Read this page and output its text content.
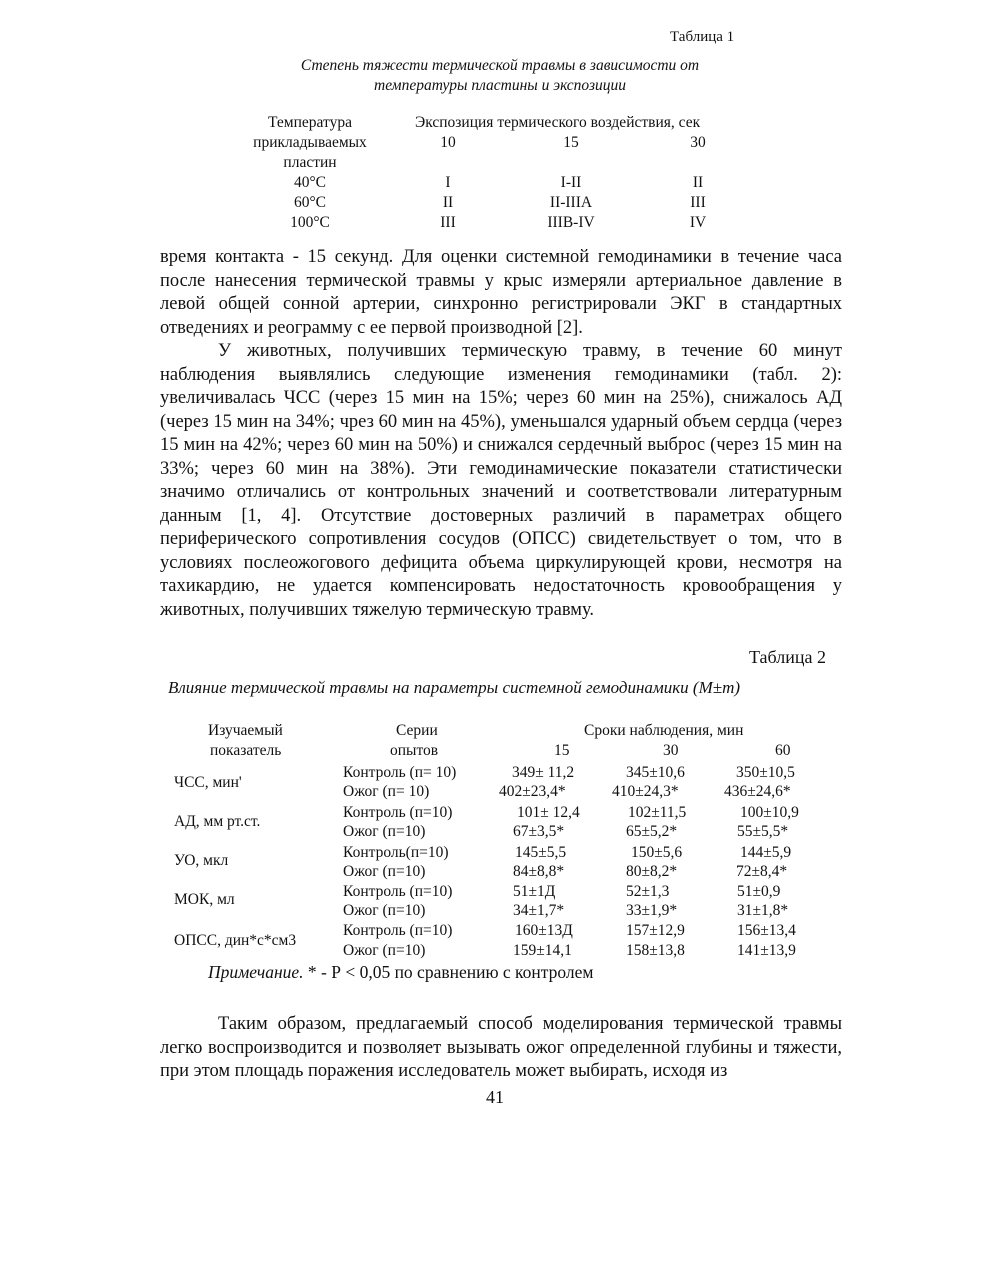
Таблица 1
Степень тяжести термической травмы в зависимости от
температуры пластины и экспозиции
Температура
прикладываемых
пластин
Экспозиция термического воздействия, сек
10	15	30
40°С	I	I-II	II
60°С	II	II-IIIA	III
100°С	III	IIIB-IV	IV

время контакта - 15 секунд. Для оценки системной гемодинамики в течение часа после нанесения термической травмы у крыс измеряли артериальное давление в левой общей сонной артерии, синхронно регистрировали ЭКГ в стандартных отведениях и реограмму с ее первой производной [2].

У животных, получивших термическую травму, в течение 60 минут наблюдения выявлялись следующие изменения гемодинамики (табл. 2): увеличивалась ЧСС (через 15 мин на 15%; через 60 мин на 25%), снижалось АД (через 15 мин на 34%; чрез 60 мин на 45%), уменьшался ударный объем сердца (через 15 мин на 42%; через 60 мин на 50%) и снижался сердечный выброс (через 15 мин на 33%; через 60 мин на 38%). Эти гемодинамические показатели статистически значимо отличались от контрольных значений и соответствовали литературным данным [1, 4]. Отсутствие достоверных различий в параметрах общего периферического сопротивления сосудов (ОПСС) свидетельствует о том, что в условиях послеожогового дефицита объема циркулирующей крови, несмотря на тахикардию, не удается компенсировать недостаточность кровообращения у животных, получивших тяжелую термическую травму.

Таблица 2
Влияние термической травмы на параметры системной гемодинамики (М±m)
Изучаемый
показатель
Серии
опытов
Сроки наблюдения, мин
15	30	60
ЧСС, мин'
Контроль (п= 10)	349± 11,2	345±10,6	350±10,5
Ожог (п= 10)	402±23,4*	410±24,3*	436±24,6*
АД, мм рт.ст.
Контроль (п=10)	101± 12,4	102±11,5	100±10,9
Ожог (п=10)	67±3,5*	65±5,2*	55±5,5*
УО, мкл	Контроль(п=10)	145±5,5	150±5,6	144±5,9
Ожог (п=10)	84±8,8*	80±8,2*	72±8,4*
МОК, мл	Контроль (п=10)	51±1Д	52±1,3	51±0,9
Ожог (п=10)	34±1,7*	33±1,9*	31±1,8*
ОПСС, дин*с*см3
Контроль (п=10)	160±13Д	157±12,9	156±13,4
Ожог (п=10)	159±14,1	158±13,8	141±13,9
Примечание. * - Р < 0,05 по сравнению с контролем
Таким образом, предлагаемый способ моделирования термической травмы легко воспроизводится и позволяет вызывать ожог определенной глубины и тяжести, при этом площадь поражения исследователь может выбирать, исходя из
41
